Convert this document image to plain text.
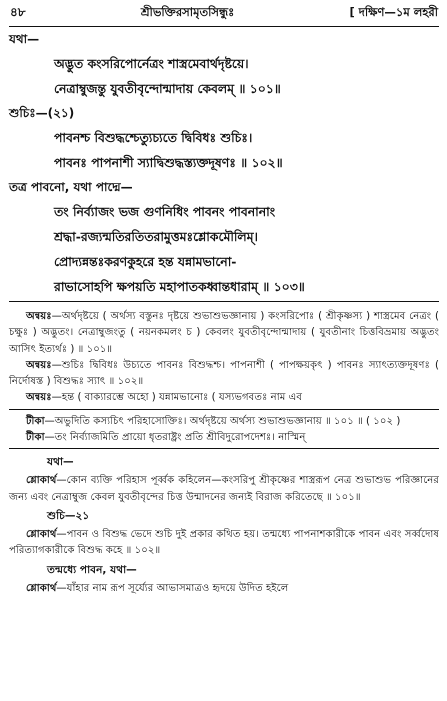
৪৮	শ্রীভক্তিরসামৃতসিন্ধুঃ	[ দক্ষিণ—১ম লহরী
যথা—
অদ্ভুত কংসরিপোর্নেত্রং শাস্ত্রমেবার্থদৃষ্টয়ে।
নেত্রাম্বুজন্তু যুবতীবৃন্দোন্মাদায় কেবলম্ ॥ ১০১॥
শুচিঃ—(২১)
পাবনশ্চ বিশুদ্ধশ্চেত্যুচ্যতে দ্বিবিধঃ শুচিঃ।
পাবনঃ পাপনাশী স্যাদ্বিশুদ্ধস্ত্যক্তদূষণঃ ॥ ১০২॥
তত্র পাবনো, যথা পাদ্মে—
তং নির্ব্যাজং ভজ গুণনিধিং পাবনং পাবনানাং
শ্রদ্ধা-রজ্যন্মতিরতিতরামুত্তমঃশ্লোকমৌলিম্।
প্রোদ্যন্নন্তঃকরণকুহরে হন্ত যন্নামভানো-
রাভাসোহপি ক্ষপয়তি মহাপাতকধ্বান্তধারাম্ ॥ ১০৩॥
অন্বয়ঃ—অর্থদৃষ্টয়ে ( অর্থস্য বস্তুনঃ দৃষ্টয়ে শুভাশুভজ্ঞানায় ) কংসরিপোঃ ( শ্রীকৃষ্ণস্য ) শাস্ত্রমেব নেত্রং ( চক্ষুঃ ) অদ্ভুতং। নেত্রাম্বুজংতু ( নয়নকমলং চ ) কেবলং যুবতীবৃন্দোন্মাদায় ( যুবতীনাং চিত্তবিভ্রমায় অদ্ভুতং আসিৎ ইত্যর্থঃ ) ॥ ১০১॥
অন্বয়ঃ—শুচিঃ দ্বিবিধঃ উচ্যতে পাবনঃ বিশুদ্ধশ্চ। পাপনাশী ( পাপক্ষয়কৃৎ ) পাবনঃ স্যাৎত্যক্তদূষণঃ ( নির্দোষস্ত ) বিশুদ্ধঃ স্যাৎ ॥ ১০২॥
অন্বয়ঃ—হন্ত ( বাক্যারম্ভে অহো ) যন্নামভানোঃ ( যস্যভগবতঃ নাম এব
টীকা—অভুদিতি কস্যচিৎ পরিহাসোক্তিঃ। অর্থদৃষ্টয়ে অর্থস্য শুভাশুভজ্ঞানায় ॥ ১০১ ॥ ( ১০২ )
টীকা—তং নির্ব্যাজমিতি প্রায়ো ধৃতরাষ্ট্রং প্রতি শ্রীবিদুরোপদেশঃ। নাস্মিন্
যথা—
শ্লোকার্থ—কোন ব্যক্তি পরিহাস পূর্ব্বক কহিলেন—কংসরিপু শ্রীকৃষ্ণের শাস্ত্ররূপ নেত্র শুভাশুভ পরিজ্ঞানের জন্য এবং নেত্রাম্বুজ কেবল যুবতীবৃন্দের চিত্ত উন্মাদনের জন্যই বিরাজ করিতেছে ॥ ১০১॥
শুচি—২১
শ্লোকার্থ—পাবন ও বিশুদ্ধ ভেদে শুচি দুই প্রকার কথিত হয়। তন্মধ্যে পাপনাশকারীকে পাবন এবং সর্ব্বদোষ পরিত্যাগকারীকে বিশুদ্ধ কহে ॥ ১০২॥
তন্মধ্যে পাবন, যথা—
শ্লোকার্থ—যাঁহার নাম রূপ সূর্য্যের আভাসমাত্রও হৃদয়ে উদিত হইলে
